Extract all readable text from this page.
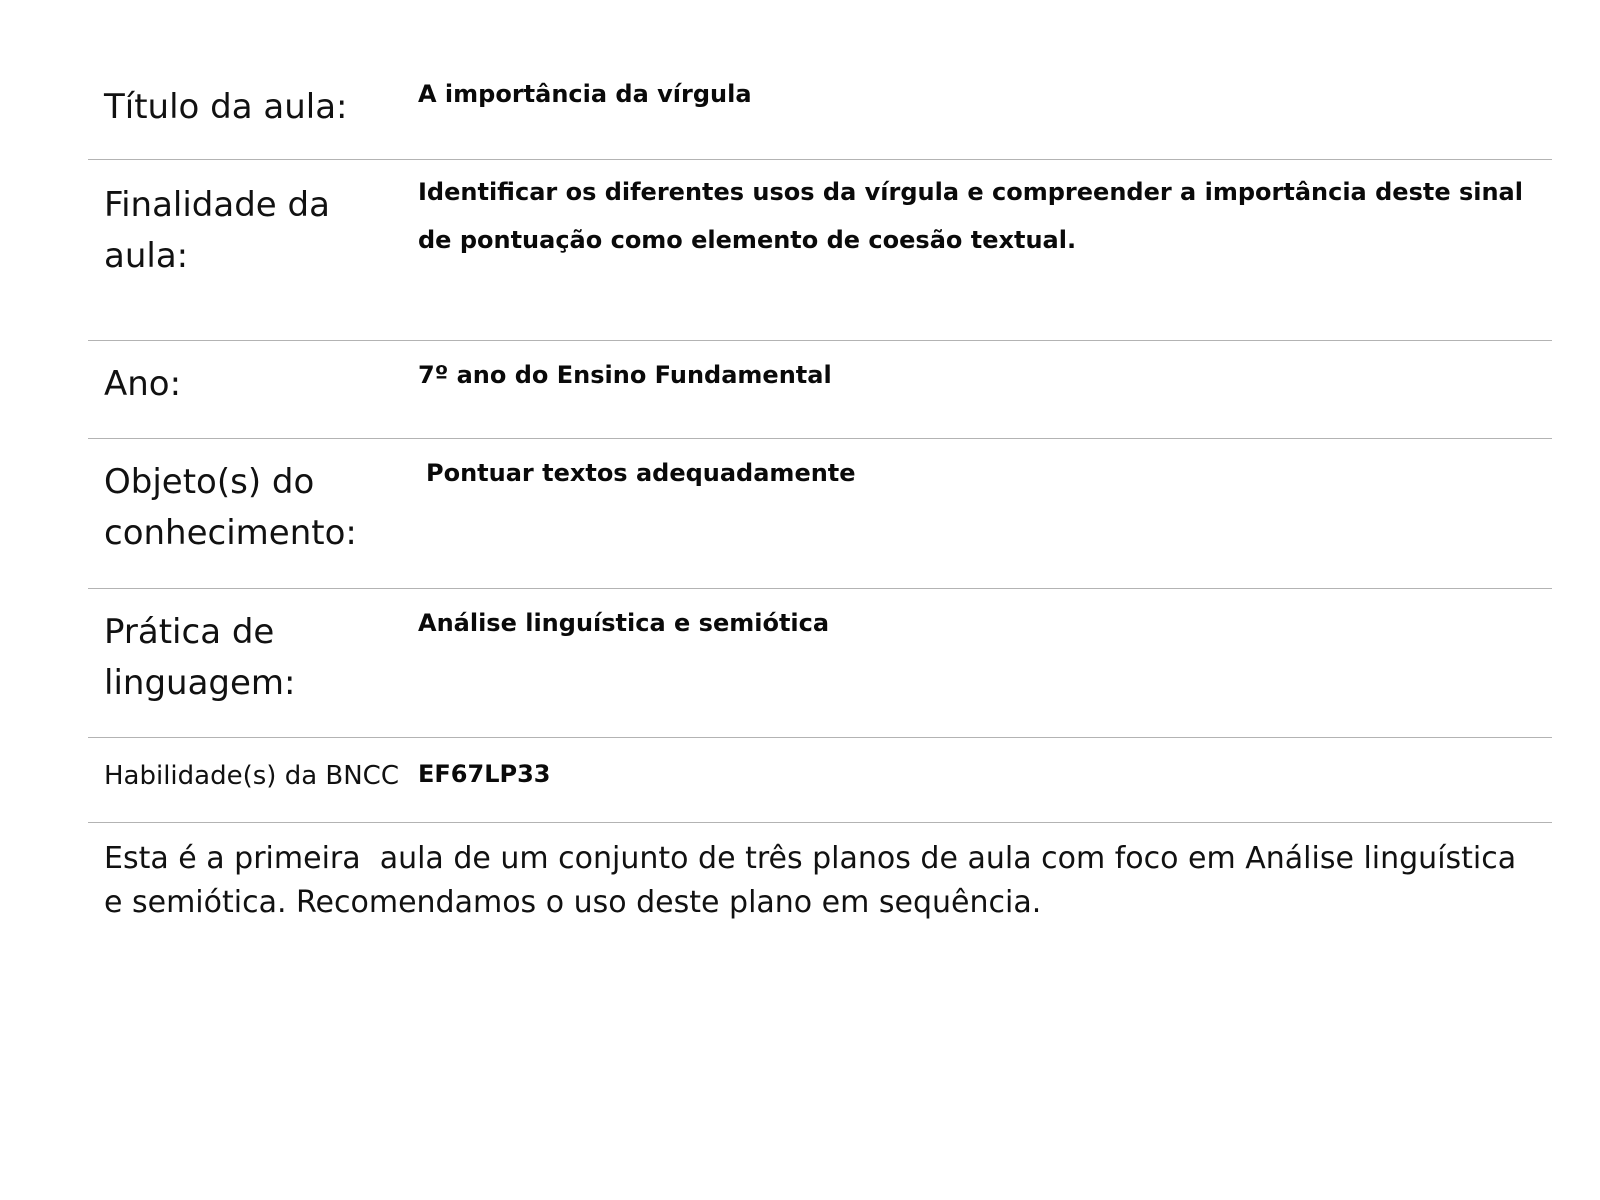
Título da aula:	A importância da vírgula
Finalidade da aula:
Identificar os diferentes usos da vírgula e compreender a importância deste sinal de pontuação como elemento de coesão textual.
Ano:	7º ano do Ensino Fundamental
Objeto(s) do conhecimento:
Pontuar textos adequadamente
Prática de linguagem:
Análise linguística e semiótica
Habilidade(s) da BNCC EF67LP33
Esta é a primeira  aula de um conjunto de três planos de aula com foco em Análise linguística e semiótica. Recomendamos o uso deste plano em sequência.
